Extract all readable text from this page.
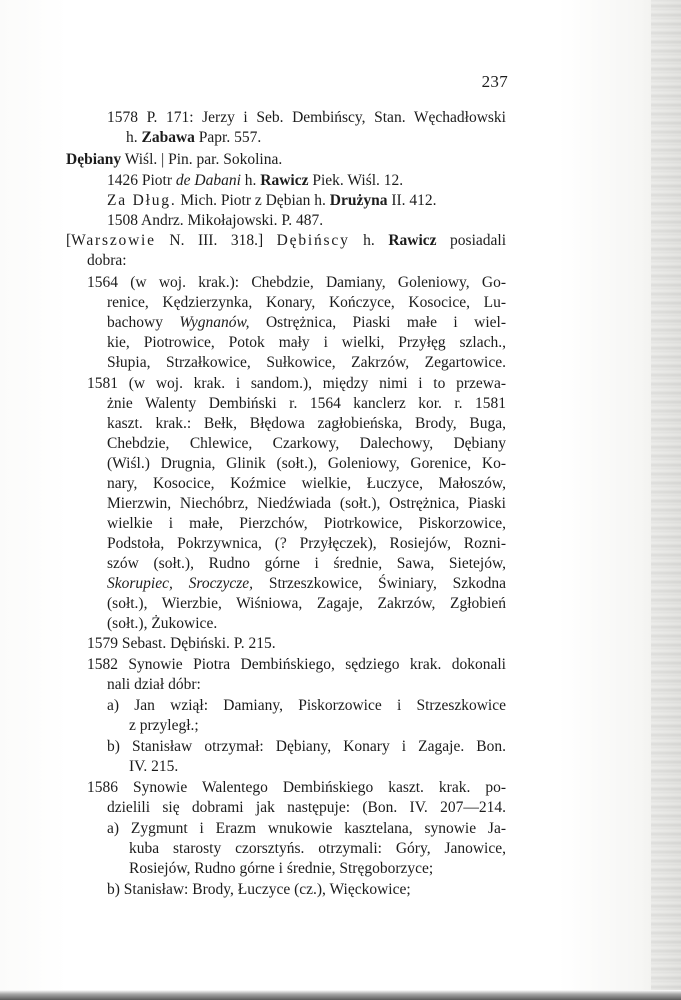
237
1578 P. 171: Jerzy i Seb. Dembińscy, Stan. Węchadłowski
h. Zabawa Papr. 557.
Dębiany Wiśl. | Pin. par. Sokolina.
1426 Piotr de Dabani h. Rawicz Piek. Wiśl. 12.
Za Dług. Mich. Piotr z Dębian h. Drużyna II. 412.
1508 Andrz. Mikołajowski. P. 487.
[Warszowie N. III. 318.] Dębińscy h. Rawicz posiadali
dobra:
1564 (w woj. krak.): Chebdzie, Damiany, Goleniowy, Go-
renice, Kędzierzynka, Konary, Kończyce, Kosocice, Lu-
bachowy Wygnanów, Ostrężnica, Piaski małe i wiel-
kie, Piotrowice, Potok mały i wielki, Przyłęg szlach.,
Słupia, Strzałkowice, Sułkowice, Zakrzów, Zegartowice.
1581 (w woj. krak. i sandom.), między nimi i to przewa-
żnie Walenty Dembiński r. 1564 kanclerz kor. r. 1581
kaszt. krak.: Bełk, Błędowa zagłobieńska, Brody, Buga,
Chebdzie, Chlewice, Czarkowy, Dalechowy, Dębiany
(Wiśl.) Drugnia, Glinik (sołt.), Goleniowy, Gorenice, Ko-
nary, Kosocice, Koźmice wielkie, Łuczyce, Małoszów,
Mierzwin, Niechóbrz, Niedźwiada (sołt.), Ostrężnica, Piaski
wielkie i małe, Pierzchów, Piotrkowice, Piskorzowice,
Podstoła, Pokrzywnica, (? Przyłęczek), Rosiejów, Rozni-
szów (sołt.), Rudno górne i średnie, Sawa, Sietejów,
Skorupiec, Sroczycze, Strzeszkowice, Świniary, Szkodna
(sołt.), Wierzbie, Wiśniowa, Zagaje, Zakrzów, Zgłobień
(sołt.), Żukowice.
1579 Sebast. Dębiński. P. 215.
1582 Synowie Piotra Dembińskiego, sędziego krak. dokonali
nali dział dóbr:
a) Jan wziął: Damiany, Piskorzowice i Strzeszkowice
z przyległ.;
b) Stanisław otrzymał: Dębiany, Konary i Zagaje. Bon.
IV. 215.
1586 Synowie Walentego Dembińskiego kaszt. krak. po-
dzielili się dobrami jak następuje: (Bon. IV. 207—214.
a) Zygmunt i Erazm wnukowie kasztelana, synowie Ja-
kuba starosty czorsztyńs. otrzymali: Góry, Janowice,
Rosiejów, Rudno górne i średnie, Stręgoborzyce;
b) Stanisław: Brody, Łuczyce (cz.), Więckowice;
